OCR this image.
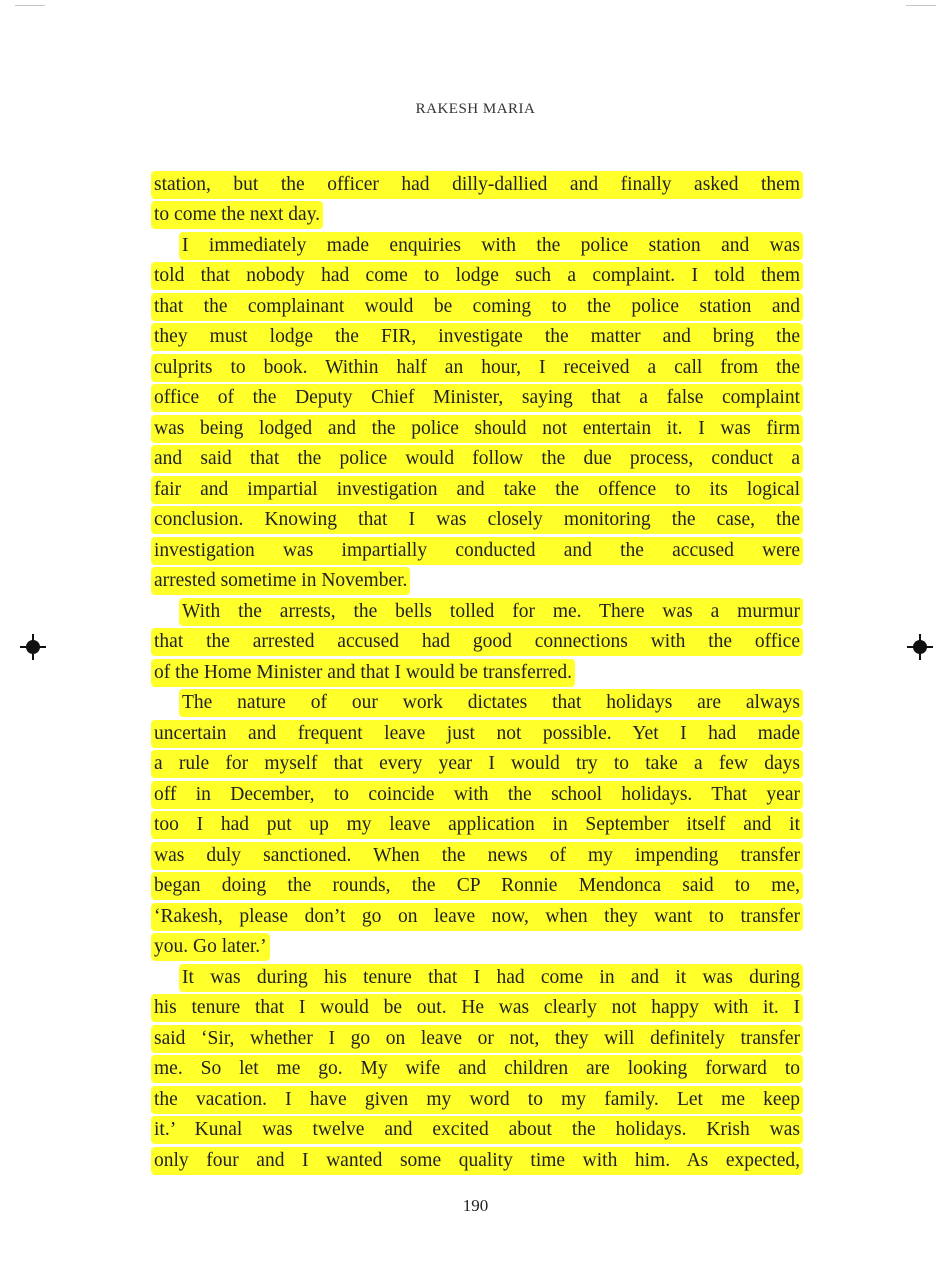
RAKESH MARIA
station, but the officer had dilly-dallied and finally asked them
to come the next day.
I immediately made enquiries with the police station and was
told that nobody had come to lodge such a complaint. I told them
that the complainant would be coming to the police station and
they must lodge the FIR, investigate the matter and bring the
culprits to book. Within half an hour, I received a call from the
office of the Deputy Chief Minister, saying that a false complaint
was being lodged and the police should not entertain it. I was firm
and said that the police would follow the due process, conduct a
fair and impartial investigation and take the offence to its logical
conclusion. Knowing that I was closely monitoring the case, the
investigation was impartially conducted and the accused were
arrested sometime in November.
With the arrests, the bells tolled for me. There was a murmur
that the arrested accused had good connections with the office
of the Home Minister and that I would be transferred.
The nature of our work dictates that holidays are always
uncertain and frequent leave just not possible. Yet I had made
a rule for myself that every year I would try to take a few days
off in December, to coincide with the school holidays. That year
too I had put up my leave application in September itself and it
was duly sanctioned. When the news of my impending transfer
began doing the rounds, the CP Ronnie Mendonca said to me,
‘Rakesh, please don’t go on leave now, when they want to transfer
you. Go later.’
It was during his tenure that I had come in and it was during
his tenure that I would be out. He was clearly not happy with it. I
said ‘Sir, whether I go on leave or not, they will definitely transfer
me. So let me go. My wife and children are looking forward to
the vacation. I have given my word to my family. Let me keep
it.’ Kunal was twelve and excited about the holidays. Krish was
only four and I wanted some quality time with him. As expected,
190
